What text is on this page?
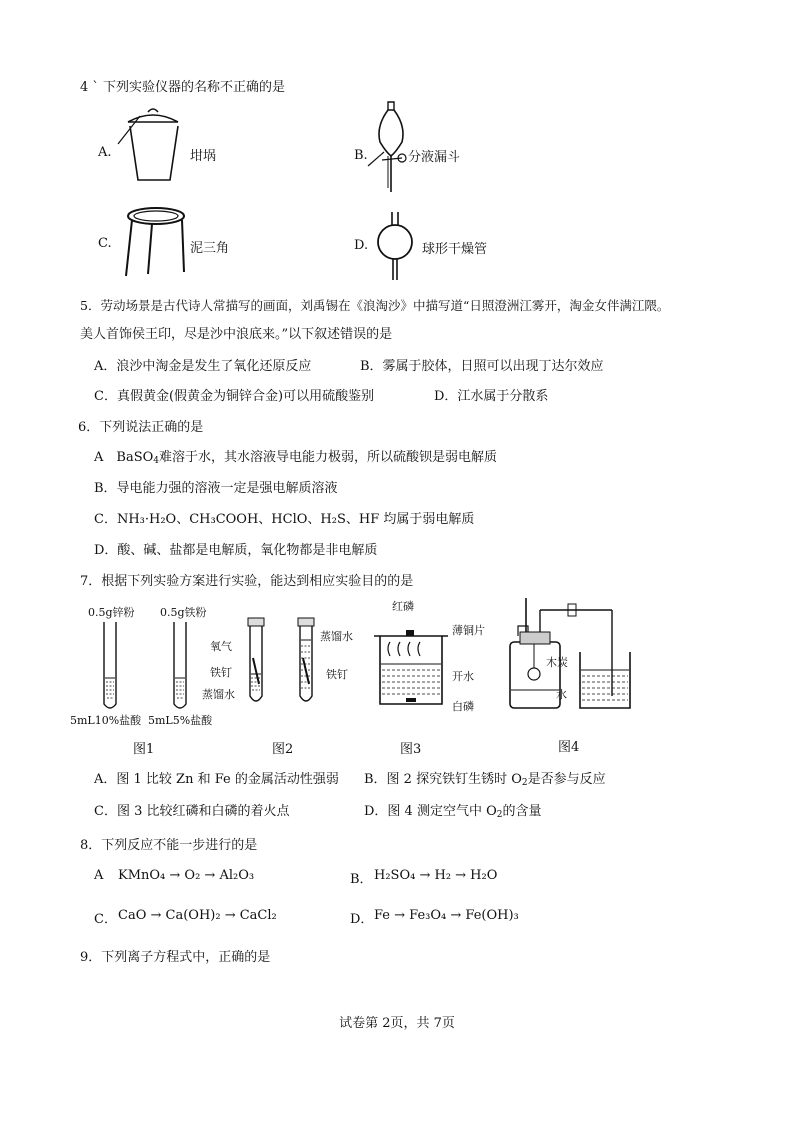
4 ˋ 下列实验仪器的名称不正确的是
A.	坩埚	B.	分液漏斗
C.	泥三角	D.	球形干燥管
5．劳动场景是古代诗人常描写的画面，刘禹锡在《浪淘沙》中描写道“日照澄洲江雾开，淘金女伴满江隈。
美人首饰侯王印，尽是沙中浪底来。”以下叙述错误的是
A．浪沙中淘金是发生了氧化还原反应	B．雾属于胶体，日照可以出现丁达尔效应
C．真假黄金(假黄金为铜锌合金)可以用硫酸鉴别	D．江水属于分散系
6．下列说法正确的是
A　BaSO$_4$难溶于水，其水溶液导电能力极弱，所以硫酸钡是弱电解质
B．导电能力强的溶液一定是强电解质溶液
C．NH₃·H₂O、CH₃COOH、HClO、H₂S、HF 均属于弱电解质
D．酸、碱、盐都是电解质，氧化物都是非电解质
7．根据下列实验方案进行实验，能达到相应实验目的的是
0.5g锌粉 0.5g铁粉
5mL10%盐酸 5mL5%盐酸
图1
氧气
铁钉
蒸馏水
蒸馏水
铁钉
图2
红磷
薄铜片
开水
白磷
图3
木炭
水
图4
A．图 1 比较 Zn 和 Fe 的金属活动性强弱 B．图 2 探究铁钉生锈时 $O_2$是否参与反应
C．图 3 比较红磷和白磷的着火点	D．图 4 测定空气中 $O_2$的含量
8．下列反应不能一步进行的是
A KMnO₄ → O₂ → Al₂O₃	B． H₂SO₄ → H₂ → H₂O
C． CaO → Ca(OH)₂ → CaCl₂	D． Fe → Fe₃O₄ → Fe(OH)₃
9．下列离子方程式中，正确的是
试卷第 2页，共 7页
